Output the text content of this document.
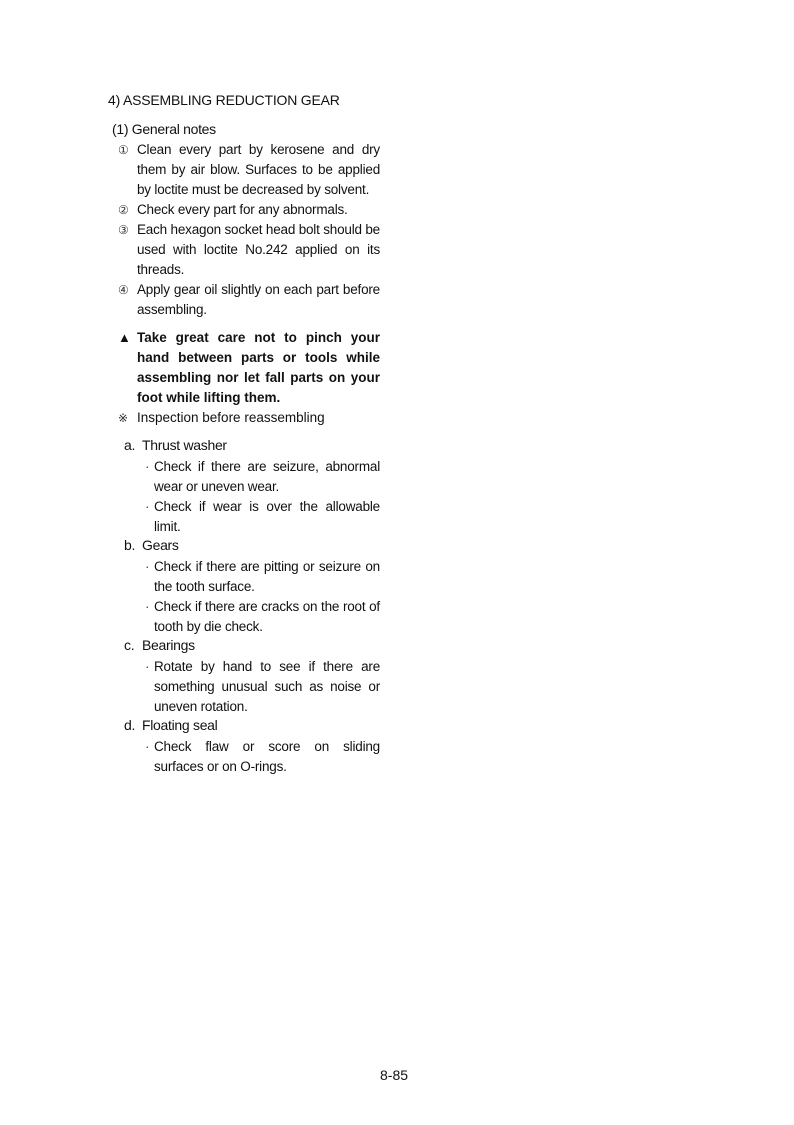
4) ASSEMBLING REDUCTION GEAR
(1) General notes
① Clean every part by kerosene and dry them by air blow. Surfaces to be applied by loctite must be decreased by solvent.
② Check every part for any abnormals.
③ Each hexagon socket head bolt should be used with loctite No.242 applied on its threads.
④ Apply gear oil slightly on each part before assembling.
▲ Take great care not to pinch your hand between parts or tools while assembling nor let fall parts on your foot while lifting them.
※ Inspection before reassembling
a. Thrust washer
· Check if there are seizure, abnormal wear or uneven wear.
· Check if wear is over the allowable limit.
b. Gears
· Check if there are pitting or seizure on the tooth surface.
· Check if there are cracks on the root of tooth by die check.
c. Bearings
· Rotate by hand to see if there are something unusual such as noise or uneven rotation.
d. Floating seal
· Check flaw or score on sliding surfaces or on O-rings.
8-85
